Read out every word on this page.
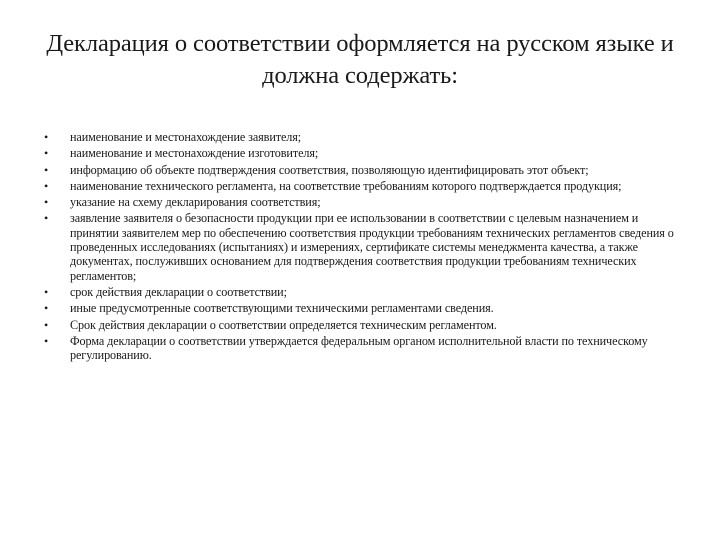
Декларация о соответствии оформляется на русском языке и должна содержать:
•	наименование и местонахождение заявителя;
•	наименование и местонахождение изготовителя;
•	информацию об объекте подтверждения соответствия, позволяющую идентифицировать этот объект;
•	наименование технического регламента, на соответствие требованиям которого подтверждается продукция;
•	указание на схему декларирования соответствия;
•	заявление заявителя о безопасности продукции при ее использовании в соответствии с целевым назначением и принятии заявителем мер по обеспечению соответствия продукции требованиям технических регламентов сведения о проведенных исследованиях (испытаниях) и измерениях, сертификате системы менеджмента качества, а также документах, послуживших основанием для подтверждения соответствия продукции требованиям технических регламентов;
•	срок действия декларации о соответствии;
•	иные предусмотренные соответствующими техническими регламентами сведения.
•	Срок действия декларации о соответствии определяется техническим регламентом.
•	Форма декларации о соответствии утверждается федеральным органом исполнительной власти по техническому регулированию.
